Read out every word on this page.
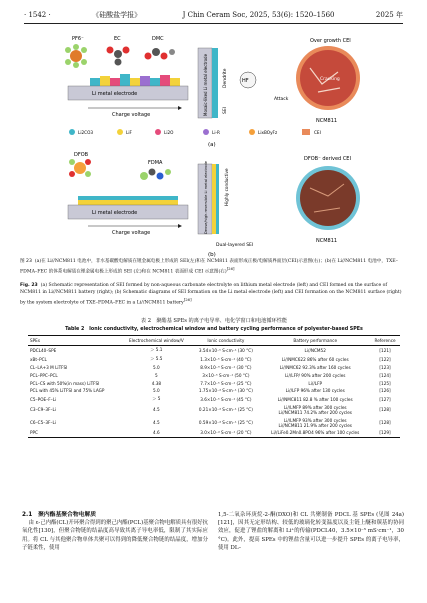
· 1542 ·	《硅酸盐学报》	J Chin Ceram Soc, 2025, 53(6): 1520–1560	2025 年
PF6⁻	EC	DMC
Li metal electrode
Charge voltage	Mosaic-liked Li metal electrode	Dendrite
SEI
HF
Over growth CEI
Cracking
Attack
NCM811
Li2CO3	LiF	Li2O	Li-R	LixBOyFz	CEI
(a)
DFOB
FDMA
Li metal electrode
Charge voltage	Dense/high reversible Li metal electrode	Highly conductive
Dual-layered SEI
DFOB⁻ derived CEI
NCM811
(b)
图 23 (a)在 Li//NCM811 电池中，非水基碳酸电解质在锂金属电极上形成的 SEI(左)和在 NCM811 表面形成正极/电解质界面层(CEI)示意图(右)；(b)在 Li//NCM811 电池中，TXE–FDMA–FEC 的体系电解质在锂金属电极上形成的 SEI (左)和在 NCM811 表面形成 CEI 示意图(右)[26]
Fig. 23 (a) Schematic representation of SEI formed by non-aqueous carbonate electrolyte on lithium metal electrode (left) and CEI formed on the surface of NCM811 in Li//NCM811 battery (right); (b) Schematic diagrams of SEI formation on the Li metal electrode (left) and CEI formation on the NCM811 surface (right) by the system electrolyte of TXE–FDMA–FEC in a Li//NCM811 battery[26]
表 2　聚酯基 SPEs 的离子电导率、电化学窗口和电池循环性能
Table 2　Ionic conductivity, electrochemical window and battery cycling performance of polyester-based SPEs
SPEs	Electrochemical window/V	Ionic conductivity	Battery performance	Reference
PDCL40–SPE	＞ 5.1	3.54×10⁻⁵ S·cm⁻¹ (30 °C)	Li//NCM52	[121]
xBt–PCL	＞ 5.5	1.3×10⁻⁵ S·cm⁻¹ (40 °C)	Li//NMC622 86% after 60 cycles	[122]
CL–LA+3 M LiTFSI	5.0	8.9×10⁻⁶ S·cm⁻¹ (30 °C)	Li//NMC62 92.3% after 160 cycles	[123]
PCL–PPC–PCL	5	3×10⁻⁵ S·cm⁻¹ (50 °C)	Li//LFP/ 90% after 200 cycles	[124]
PCL–CS with 50%(in mass) LiTFSI	4.38	7.7×10⁻⁵ S·cm⁻¹ (25 °C)	Li//LFP	[125]
PCL with 45% LiTFSI and 75% LAGP	5.0	1.75×10⁻⁴ S·cm⁻¹ (30 °C)	Li//LFP 96% after 130 cycles	[126]
C5–POE–F–Li	＞ 5	3.6×10⁻⁵ S·cm⁻¹ (45 °C)	Li//NMC811 82.8 % after 100 cycles	[127]
C3–C9–3F–Li	4.5	0.21×10⁻⁴ S·cm⁻¹ (25 °C)	Li//LMFP 89% after 300 cycles
Li//NCM811 74.2% after 200 cycles	[128]
C6–C5–3F–Li	4.5	0.59×10⁻⁴ S·cm⁻¹ (25 °C)	Li//LMFP 93% after 300 cycles
Li//NCM811 21.9% after 200 cycles	[128]
PPC	4.6	3.0×10⁻⁴ S·cm⁻¹ (20 °C)	Li//LiFe0.2Mn0.8PO4 96% after 100 cycles	[129]
2.1　聚内酯基聚合物电解质
由 ε-己内酯(CL)开环聚合得到的聚己内酯(PCL)基聚合物电解质具有很好抗氧化性[130]，但聚合物链的结晶度高导致其离子导电率低，限制了其实际应用。将 CL 与其他聚合物单体共聚可以得到的降低聚合物链的结晶度，增加分子链柔性，使用
1,5-二氧杂环庚烷-2-酮(DXO)和 CL 共聚制备 PDCL 基 SPEs (见图 24a)[121]，因其无定形结构、较低的玻璃化转变温度以及主链上醚和羰基的协同效应，促进了锂盐的解离和 Li⁺的传输(PDCL40，3.5×10⁻⁵ mS·cm⁻¹，30 °C)。此外，提高 SPEs 中的锂盐含量可以进一步提升 SPEs 的离子电导率，使用 DL–
